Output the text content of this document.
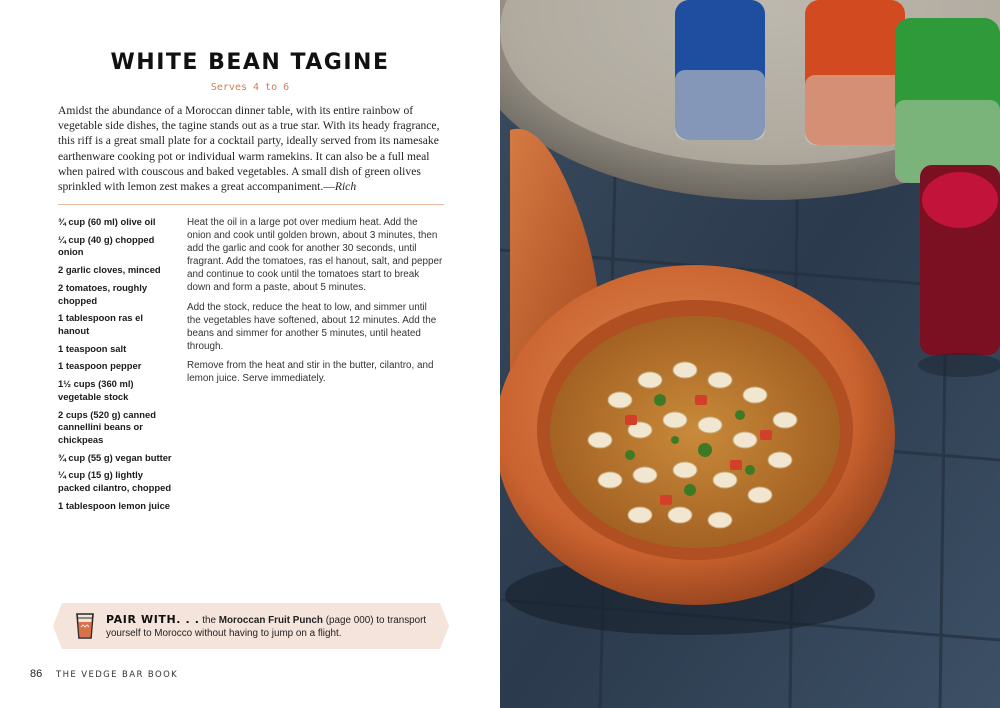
WHITE BEAN TAGINE
Serves 4 to 6

Amidst the abundance of a Moroccan dinner table, with its entire rainbow of vegetable side dishes, the tagine stands out as a true star. With its heady fragrance, this riff is a great small plate for a cocktail party, ideally served from its namesake earthenware cooking pot or individual warm ramekins. It can also be a full meal when paired with couscous and baked vegetables. A small dish of green olives sprinkled with lemon zest makes a great accompaniment.—Rich

¾ cup (60 ml) olive oil
¼ cup (40 g) chopped onion
2 garlic cloves, minced
2 tomatoes, roughly chopped
1 tablespoon ras el hanout
1 teaspoon salt
1 teaspoon pepper
1½ cups (360 ml) vegetable stock
2 cups (520 g) canned cannellini beans or chickpeas
¾ cup (55 g) vegan butter
¼ cup (15 g) lightly packed cilantro, chopped
1 tablespoon lemon juice

Heat the oil in a large pot over medium heat. Add the onion and cook until golden brown, about 3 minutes, then add the garlic and cook for another 30 seconds, until fragrant. Add the tomatoes, ras el hanout, salt, and pepper and continue to cook until the tomatoes start to break down and form a paste, about 5 minutes.

Add the stock, reduce the heat to low, and simmer until the vegetables have softened, about 12 minutes. Add the beans and simmer for another 5 minutes, until heated through.

Remove from the heat and stir in the butter, cilantro, and lemon juice. Serve immediately.

PAIR WITH. . . the Moroccan Fruit Punch (page 000) to transport yourself to Morocco without having to jump on a flight.
86 THE VEDGE BAR BOOK
